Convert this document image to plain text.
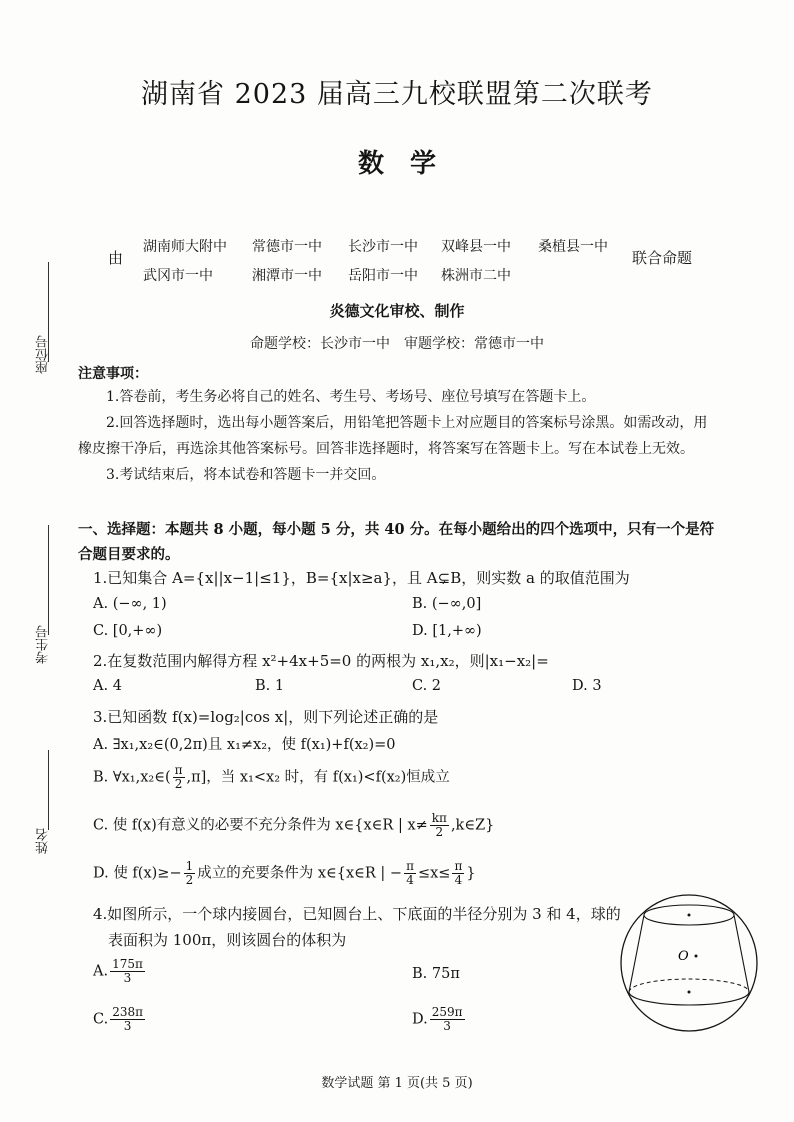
湖南省 2023 届高三九校联盟第二次联考
数学
由
湖南师大附中 常德市一中 长沙市一中 双峰县一中 桑植县一中
武冈市一中	湘潭市一中 岳阳市一中 株洲市二中
联合命题
炎德文化审校、制作
命题学校：长沙市一中　审题学校：常德市一中
座位号
考生号
姓名
注意事项：
1.答卷前，考生务必将自己的姓名、考生号、考场号、座位号填写在答题卡上。
2.回答选择题时，选出每小题答案后，用铅笔把答题卡上对应题目的答案标号涂黑。如需改动，用橡皮擦干净后，再选涂其他答案标号。回答非选择题时，将答案写在答题卡上。写在本试卷上无效。
3.考试结束后，将本试卷和答题卡一并交回。
一、选择题：本题共 8 小题，每小题 5 分，共 40 分。在每小题给出的四个选项中，只有一个是符合题目要求的。
1.已知集合 A={x||x−1|≤1}，B={x|x≥a}，且 A⊊B，则实数 a 的取值范围为
A. (−∞, 1)	B. (−∞,0]
C. [0,+∞)	D. [1,+∞)
2.在复数范围内解得方程 x²+4x+5=0 的两根为 x₁,x₂，则|x₁−x₂|=
A. 4	B. 1	C. 2	D. 3
3.已知函数 f(x)=log₂|cos x|，则下列论述正确的是
A. ∃x₁,x₂∈(0,2π)且 x₁≠x₂，使 f(x₁)+f(x₂)=0
B. ∀x₁,x₂∈( $\frac{\pi}{2} ,\pi$]，当 x₁<x₂ 时，有 f(x₁)<f(x₂)恒成立
C. 使 f(x)有意义的必要不充分条件为 x∈{x∈R | $x\ne \frac{k\pi}{2}$ ,k∈Z}
D. 使 $f(x)\ge- \frac{1}{2}$ 成立的充要条件为 x∈{x∈R | − $\frac{\pi}{4} \le x\le \frac{\pi}{4}$ }
4.如图所示，一个球内接圆台，已知圆台上、下底面的半径分别为 3 和 4，球的
表面积为 100π，则该圆台的体积为
A. $\frac{175\pi}{3}$	B. 75π
C. $\frac{238\pi}{3}$	D. $\frac{259\pi}{3}$
O
数学试题 第 1 页(共 5 页)
